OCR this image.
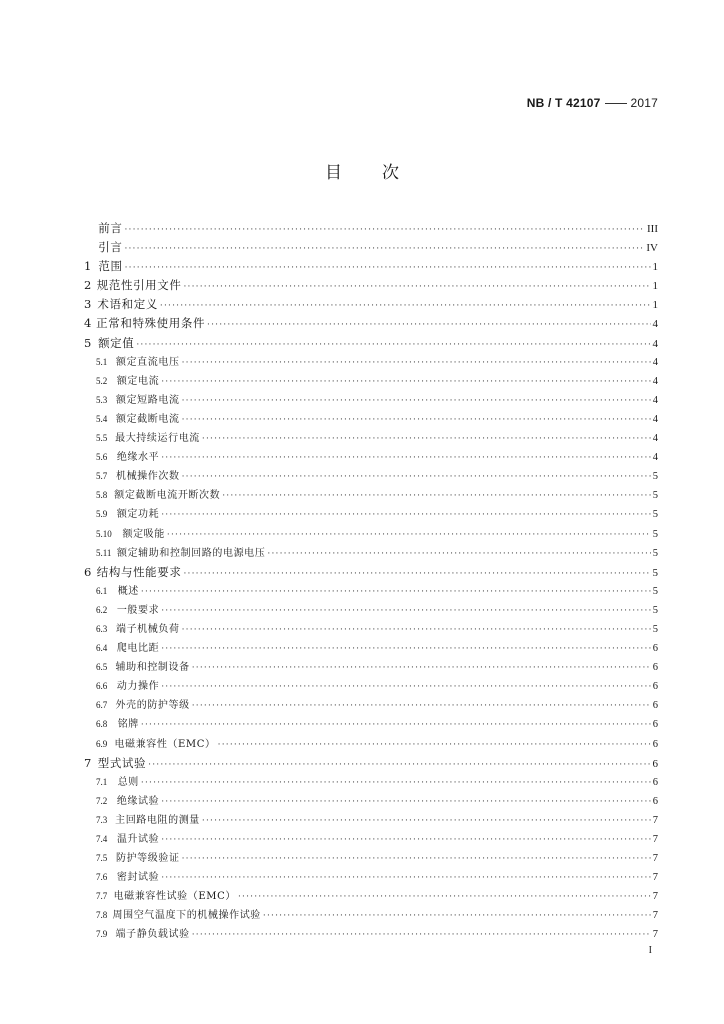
NB / T 42107	2017
目 次
前言 ·····	III
引言 ·····	IV
1 范围 ·····	1
2 规范性引用文件 ·····	1
3 术语和定义 ·····	1
4 正常和特殊使用条件 ·····	4
5 额定值 ·····	4
5.1 额定直流电压 ·····	4
5.2 额定电流 ·····	4
5.3 额定短路电流 ·····	4
5.4 额定截断电流 ·····	4
5.5 最大持续运行电流 ·····	4
5.6 绝缘水平 ·····	4
5.7 机械操作次数 ·····	5
5.8 额定截断电流开断次数 ·····	5
5.9 额定功耗 ·····	5
5.10	额定吸能 ·····	5
5.11 额定辅助和控制回路的电源电压 ·····	5
6 结构与性能要求 ·····	5
6.1	概述 ·····	5
6.2 一般要求 ·····	5
6.3 端子机械负荷 ·····	5
6.4 爬电比距 ·····	6
6.5 辅助和控制设备 ·····	6
6.6 动力操作 ·····	6
6.7 外壳的防护等级 ·····	6
6.8	铭牌 ·····	6
6.9 电磁兼容性（EMC） ·····	6
7 型式试验 ·····	6
7.1	总则 ·····	6
7.2 绝缘试验 ·····	6
7.3 主回路电阻的测量 ·····	7
7.4 温升试验 ·····	7
7.5 防护等级验证 ·····	7
7.6 密封试验 ·····	7
7.7 电磁兼容性试验（EMC） ·····	7
7.8 周围空气温度下的机械操作试验 ·····	7
7.9 端子静负载试验 ·····	7
I
